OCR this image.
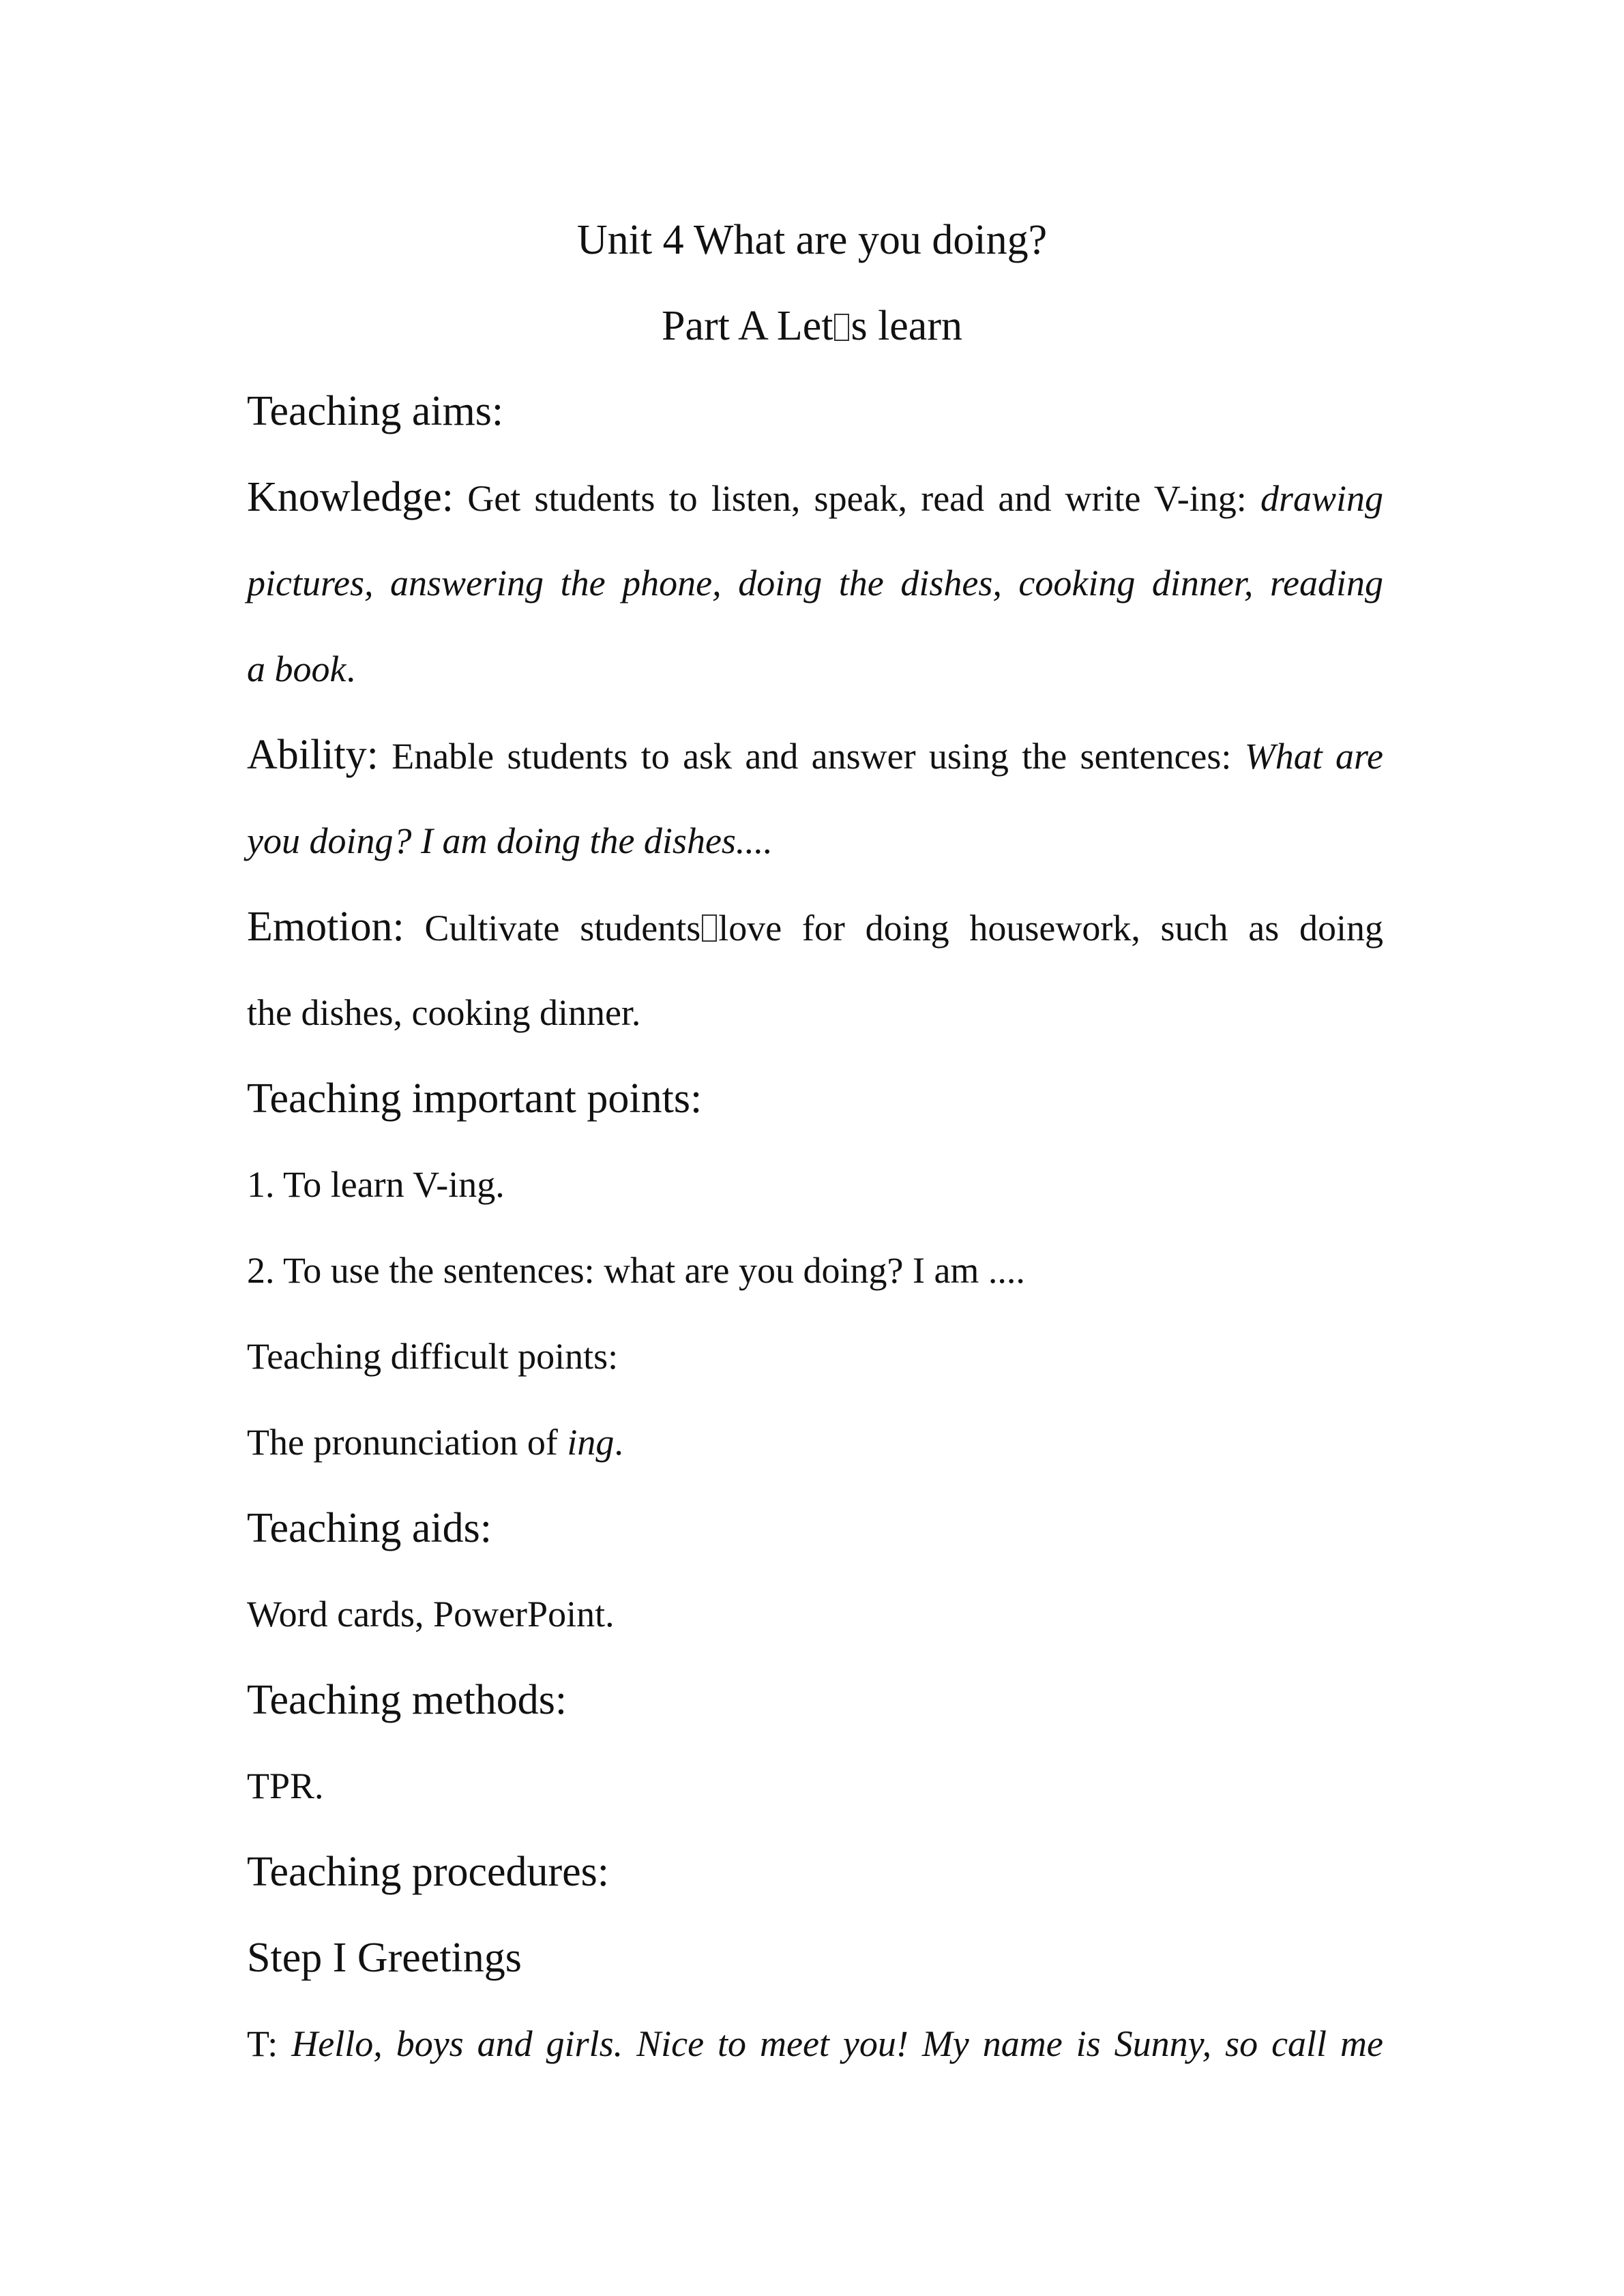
Unit 4 What are you doing?
Part A Let s learn
Teaching aims:
Knowledge: Get students to listen, speak, read and write V-ing: drawing
pictures, answering the phone, doing the dishes, cooking dinner, reading
a book.
Ability: Enable students to ask and answer using the sentences: What are
you doing? I am doing the dishes....
Emotion: Cultivate students love for doing housework, such as doing
the dishes, cooking dinner.
Teaching important points:
1. To learn V-ing.
2. To use the sentences: what are you doing? I am ....
Teaching difficult points:
The pronunciation of ing.
Teaching aids:
Word cards, PowerPoint.
Teaching methods:
TPR.
Teaching procedures:
Step I Greetings
T: Hello, boys and girls. Nice to meet you! My name is Sunny, so call me
